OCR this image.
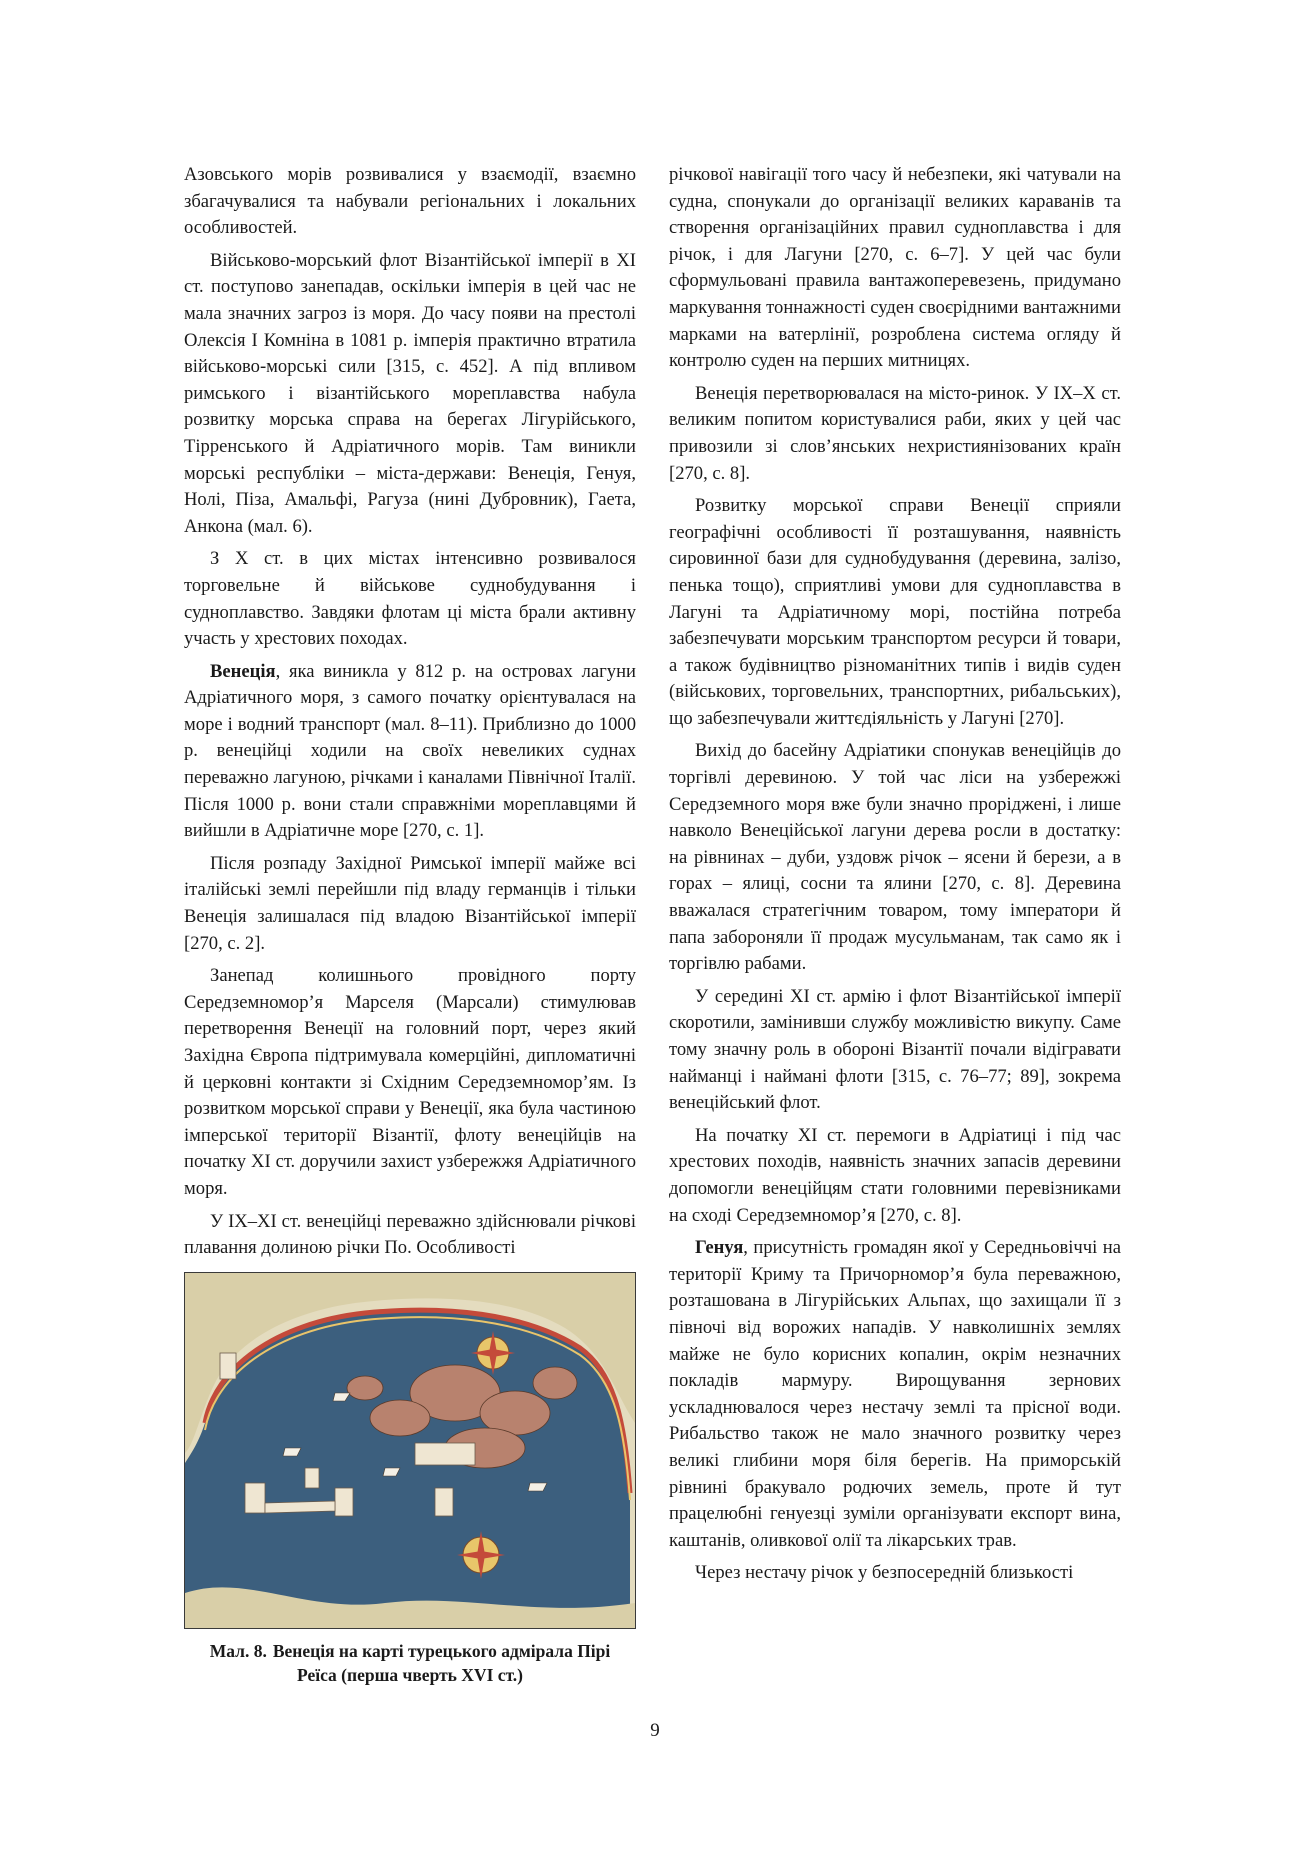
Азовського морів розвивалися у взаємодії, взаємно збагачувалися та набували регіональних і локальних особливостей.

Військово-морський флот Візантійської імперії в ХІ ст. поступово занепадав, оскільки імперія в цей час не мала значних загроз із моря. До часу появи на престолі Олексія І Комніна в 1081 р. імперія практично втратила військово-морські сили [315, с. 452]. А під впливом римського і візантійського мореплавства набула розвитку морська справа на берегах Лігурійського, Тірренського й Адріатичного морів. Там виникли морські республіки – міста-держави: Венеція, Генуя, Нолі, Піза, Амальфі, Рагуза (нині Дубровник), Гаета, Анкона (мал. 6).

З Х ст. в цих містах інтенсивно розвивалося торговельне й військове суднобудування і судноплавство. Завдяки флотам ці міста брали активну участь у хрестових походах.

Венеція, яка виникла у 812 р. на островах лагуни Адріатичного моря, з самого початку орієнтувалася на море і водний транспорт (мал. 8–11). Приблизно до 1000 р. венеційці ходили на своїх невеликих суднах переважно лагуною, річками і каналами Північної Італії. Після 1000 р. вони стали справжніми мореплавцями й вийшли в Адріатичне море [270, с. 1].

Після розпаду Західної Римської імперії майже всі італійські землі перейшли під владу германців і тільки Венеція залишалася під владою Візантійської імперії [270, с. 2].

Занепад колишнього провідного порту Середземномор’я Марселя (Марсали) стимулював перетворення Венеції на головний порт, через який Західна Європа підтримувала комерційні, дипломатичні й церковні контакти зі Східним Середземномор’ям. Із розвитком морської справи у Венеції, яка була частиною імперської території Візантії, флоту венеційців на початку ХІ ст. доручили захист узбережжя Адріатичного моря.

У ІХ–ХІ ст. венеційці переважно здійснювали річкові плавання долиною річки По. Особливості

Мал. 8. Венеція на карті турецького адмірала Пірі Реїса (перша чверть XVI ст.)

річкової навігації того часу й небезпеки, які чатували на судна, спонукали до організації великих караванів та створення організаційних правил судноплавства і для річок, і для Лагуни [270, с. 6–7]. У цей час були сформульовані правила вантажоперевезень, придумано маркування тоннажності суден своєрідними вантажними марками на ватерлінії, розроблена система огляду й контролю суден на перших митницях.

Венеція перетворювалася на місто-ринок. У ІХ–Х ст. великим попитом користувалися раби, яких у цей час привозили зі слов’янських нехристиянізованих країн [270, с. 8].

Розвитку морської справи Венеції сприяли географічні особливості її розташування, наявність сировинної бази для суднобудування (деревина, залізо, пенька тощо), сприятливі умови для судноплавства в Лагуні та Адріатичному морі, постійна потреба забезпечувати морським транспортом ресурси й товари, а також будівництво різноманітних типів і видів суден (військових, торговельних, транспортних, рибальських), що забезпечували життєдіяльність у Лагуні [270].

Вихід до басейну Адріатики спонукав венеційців до торгівлі деревиною. У той час ліси на узбережжі Середземного моря вже були значно проріджені, і лише навколо Венеційської лагуни дерева росли в достатку: на рівнинах – дуби, уздовж річок – ясени й берези, а в горах – ялиці, сосни та ялини [270, с. 8]. Деревина вважалася стратегічним товаром, тому імператори й папа забороняли її продаж мусульманам, так само як і торгівлю рабами.

У середині ХІ ст. армію і флот Візантійської імперії скоротили, замінивши службу можливістю викупу. Саме тому значну роль в обороні Візантії почали відігравати найманці і наймані флоти [315, с. 76–77; 89], зокрема венеційський флот.

На початку ХІ ст. перемоги в Адріатиці і під час хрестових походів, наявність значних запасів деревини допомогли венеційцям стати головними перевізниками на сході Середземномор’я [270, с. 8].

Генуя, присутність громадян якої у Середньовіччі на території Криму та Причорномор’я була переважною, розташована в Лігурійських Альпах, що захищали її з півночі від ворожих нападів. У навколишніх землях майже не було корисних копалин, окрім незначних покладів мармуру. Вирощування зернових ускладнювалося через нестачу землі та прісної води. Рибальство також не мало значного розвитку через великі глибини моря біля берегів. На приморській рівнині бракувало родючих земель, проте й тут працелюбні генуезці зуміли організувати експорт вина, каштанів, оливкової олії та лікарських трав.

Через нестачу річок у безпосередній близькості

9
